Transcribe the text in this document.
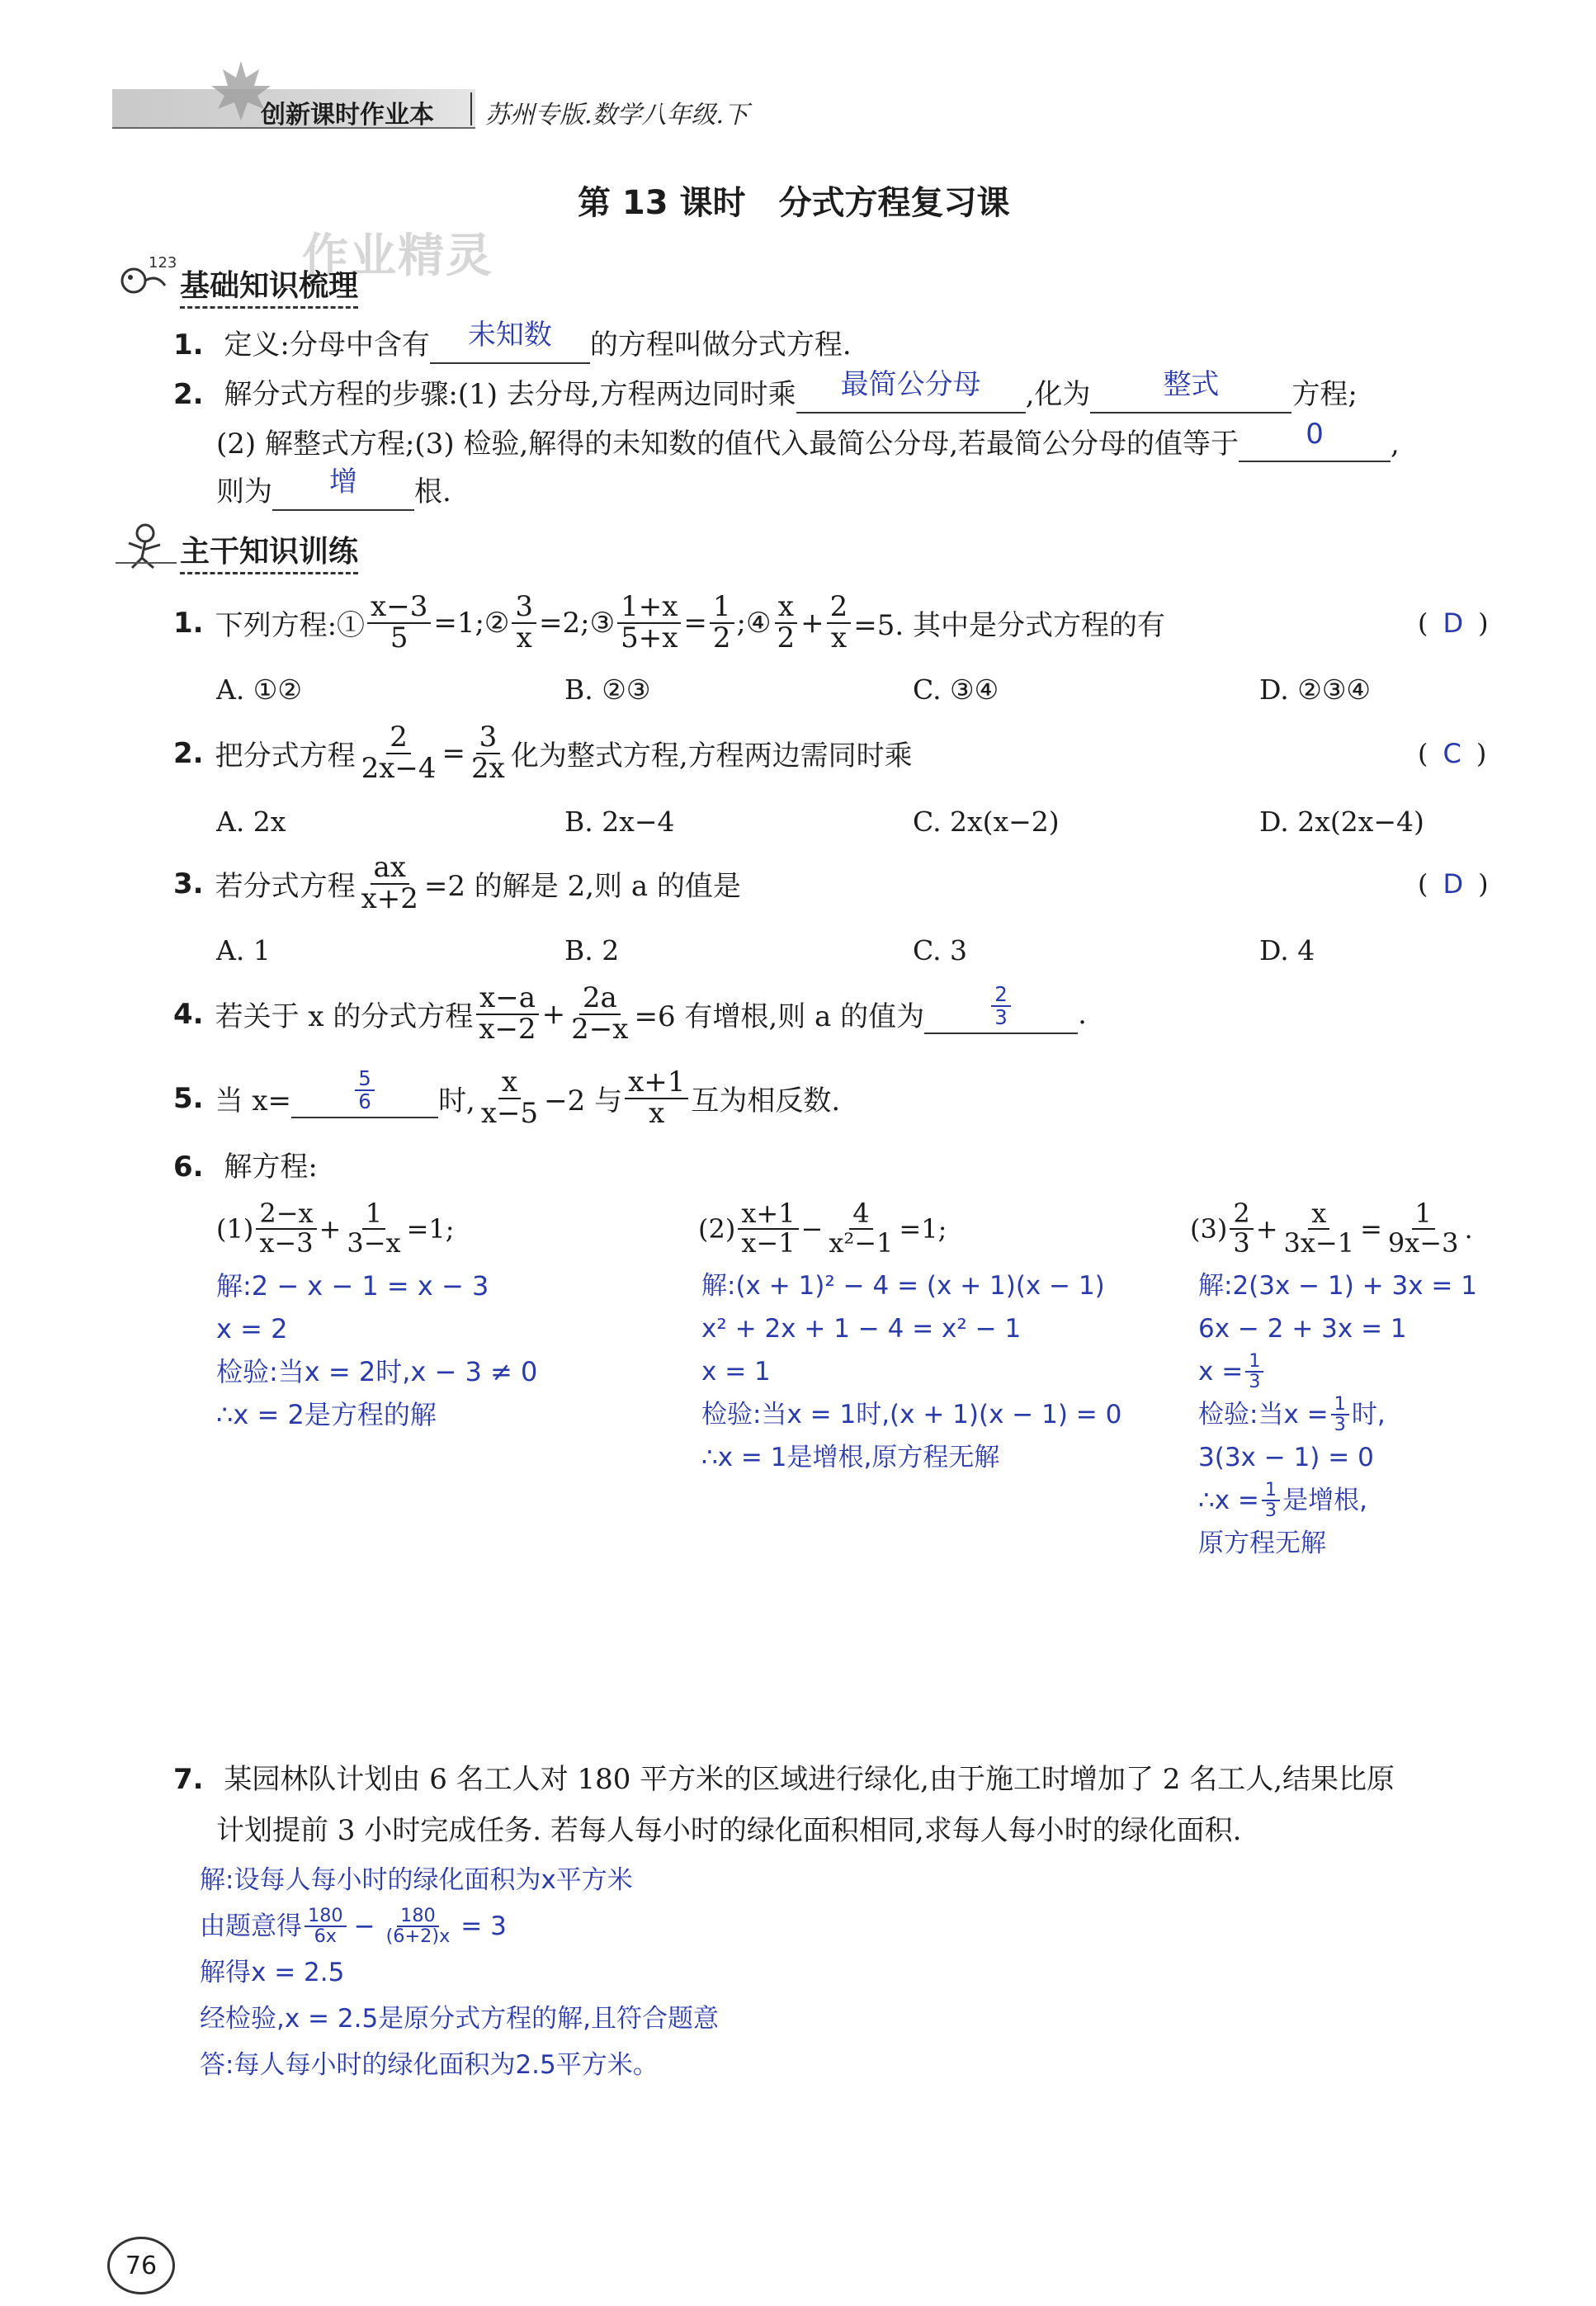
创新课时作业本 苏州专版.数学八年级.下
第 13 课时　分式方程复习课
123	作业精灵
基础知识梳理
1. 定义:分母中含有 未知数 的方程叫做分式方程.
2. 解分式方程的步骤:(1) 去分母,方程两边同时乘 最简公分母 ,化为	整式	方程;
(2) 解整式方程;(3) 检验,解得的未知数的值代入最简公分母,若最简公分母的值等于 0 ,
则为 增 根.
主干知识训练
1. 下列方程:① $\frac{x-3}{5}$ =1;② $\frac{3}{x}$ =2;③ $\frac{1+x}{5+x} = \frac{1}{2}$ ;④ $\frac{x}{2} + \frac{2}{x} =5$. 其中是分式方程的有	( D )
A. ①②	B. ②③	C. ③④	D. ②③④
2. 把分式方程 $\frac{2}{2x-4} = \frac{3}{2x}$ 化为整式方程,方程两边需同时乘	( C )
A. 2x	B. 2x−4	C. 2x(x−2)	D. 2x(2x−4)
3. 若分式方程 $\frac{ax}{x+2} =2$ 的解是 2,则 a 的值是	( D )
A. 1	B. 2	C. 3	D. 4
4. 若关于 x 的分式方程 $\frac{x-a}{x-2} + \frac{2a}{2-x} =6$ 有增根,则 a 的值为	$\frac{2}{3}$ .
5. 当 x=	$\frac{5}{6}$ 时, $\frac{x}{x-5} -2$ 与 $\frac{x+1}{x}$ 互为相反数.
6. 解方程:
$(1) \frac{2-x}{x-3} + \frac{1}{3-x} =1$;
解:2 − x − 1 = x − 3
x = 2
检验:当x = 2时,x − 3 ≠ 0
∴x = 2是方程的解
$(2) \frac{x+1}{x-1} - \frac{4}{\text{x²−1}} =1$;
解:(x + 1)² − 4 = (x + 1)(x − 1)
x² + 2x + 1 − 4 = x² − 1
x = 1
检验:当x = 1时,(x + 1)(x − 1) = 0
∴x = 1是增根,原方程无解
$(3) \frac{2}{3} + \frac{x}{3x-1} = \frac{1}{9x-3}$ .
解:2(3x − 1) + 3x = 1
6x − 2 + 3x = 1
$x = \frac{1}{3}$
检验:当$x = \frac{1}{3}$ 时,
3(3x − 1) = 0
∴x = $\frac{1}{3}$ 是增根,
原方程无解
7. 某园林队计划由 6 名工人对 180 平方米的区域进行绿化,由于施工时增加了 2 名工人,结果比原
计划提前 3 小时完成任务. 若每人每小时的绿化面积相同,求每人每小时的绿化面积.
解:设每人每小时的绿化面积为x平方米
由题意得 $\frac{180}{6x} - \frac{180}{(6+2)x} = 3$
解得x = 2.5
经检验,x = 2.5是原分式方程的解,且符合题意
答:每人每小时的绿化面积为2.5平方米。
76
